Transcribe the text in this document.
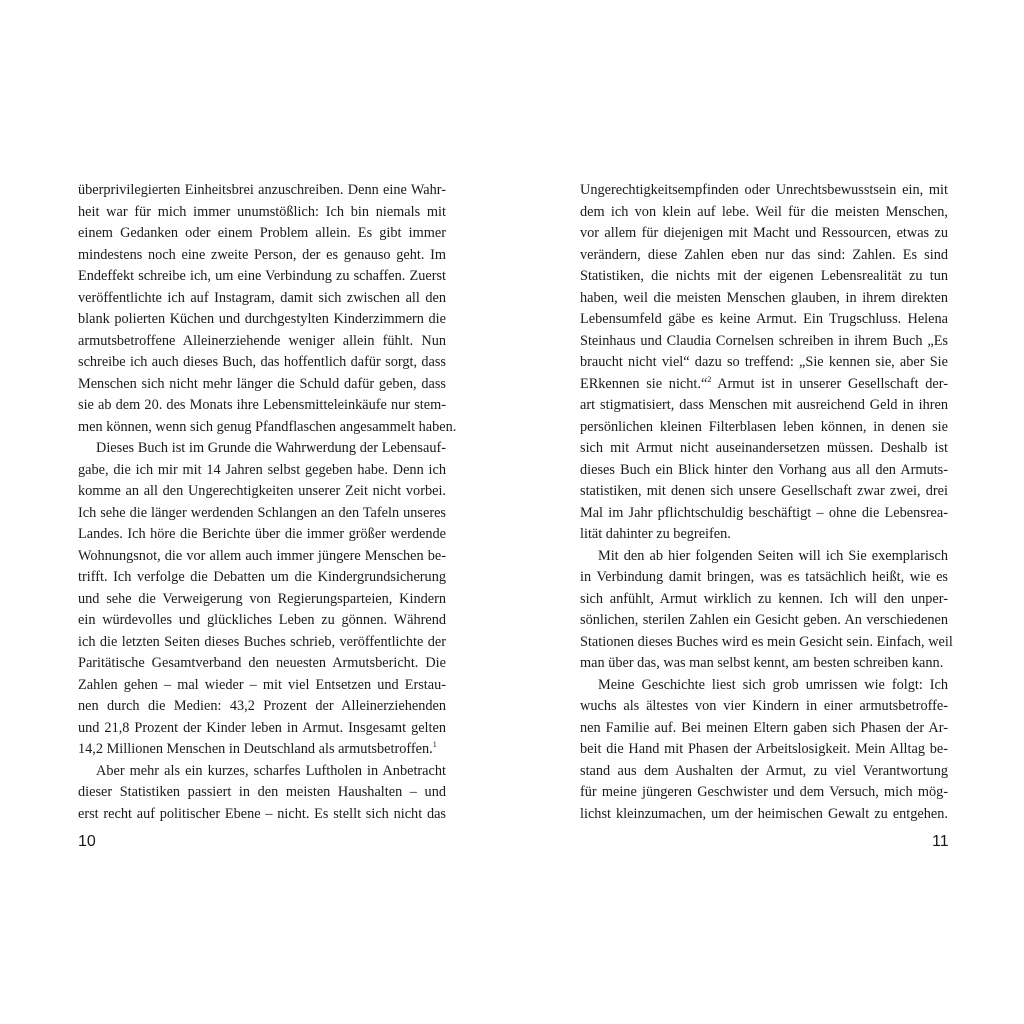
überprivilegierten Einheitsbrei anzuschreiben. Denn eine Wahr-
heit war für mich immer unumstößlich: Ich bin niemals mit
einem Gedanken oder einem Problem allein. Es gibt immer
mindestens noch eine zweite Person, der es genauso geht. Im
Endeffekt schreibe ich, um eine Verbindung zu schaffen. Zuerst
veröffentlichte ich auf Instagram, damit sich zwischen all den
blank polierten Küchen und durchgestylten Kinderzimmern die
armutsbetroffene Alleinerziehende weniger allein fühlt. Nun
schreibe ich auch dieses Buch, das hoffentlich dafür sorgt, dass
Menschen sich nicht mehr länger die Schuld dafür geben, dass
sie ab dem 20. des Monats ihre Lebensmitteleinkäufe nur stem-
men können, wenn sich genug Pfandflaschen angesammelt haben.
Dieses Buch ist im Grunde die Wahrwerdung der Lebensauf-
gabe, die ich mir mit 14 Jahren selbst gegeben habe. Denn ich
komme an all den Ungerechtigkeiten unserer Zeit nicht vorbei.
Ich sehe die länger werdenden Schlangen an den Tafeln unseres
Landes. Ich höre die Berichte über die immer größer werdende
Wohnungsnot, die vor allem auch immer jüngere Menschen be-
trifft. Ich verfolge die Debatten um die Kindergrundsicherung
und sehe die Verweigerung von Regierungsparteien, Kindern
ein würdevolles und glückliches Leben zu gönnen. Während
ich die letzten Seiten dieses Buches schrieb, veröffentlichte der
Paritätische Gesamtverband den neuesten Armutsbericht. Die
Zahlen gehen – mal wieder – mit viel Entsetzen und Erstau-
nen durch die Medien: 43,2 Prozent der Alleinerziehenden
und 21,8 Prozent der Kinder leben in Armut. Insgesamt gelten
14,2 Millionen Menschen in Deutschland als armutsbetroffen.$^1$
Aber mehr als ein kurzes, scharfes Luftholen in Anbetracht
dieser Statistiken passiert in den meisten Haushalten – und
erst recht auf politischer Ebene – nicht. Es stellt sich nicht das
10
Ungerechtigkeitsempfinden oder Unrechtsbewusstsein ein, mit
dem ich von klein auf lebe. Weil für die meisten Menschen,
vor allem für diejenigen mit Macht und Ressourcen, etwas zu
verändern, diese Zahlen eben nur das sind: Zahlen. Es sind
Statistiken, die nichts mit der eigenen Lebensrealität zu tun
haben, weil die meisten Menschen glauben, in ihrem direkten
Lebensumfeld gäbe es keine Armut. Ein Trugschluss. Helena
Steinhaus und Claudia Cornelsen schreiben in ihrem Buch „Es
braucht nicht viel“ dazu so treffend: „Sie kennen sie, aber Sie
ERkennen sie nicht.“$^2$ Armut ist in unserer Gesellschaft der-
art stigmatisiert, dass Menschen mit ausreichend Geld in ihren
persönlichen kleinen Filterblasen leben können, in denen sie
sich mit Armut nicht auseinandersetzen müssen. Deshalb ist
dieses Buch ein Blick hinter den Vorhang aus all den Armuts-
statistiken, mit denen sich unsere Gesellschaft zwar zwei, drei
Mal im Jahr pflichtschuldig beschäftigt – ohne die Lebensrea-
lität dahinter zu begreifen.
Mit den ab hier folgenden Seiten will ich Sie exemplarisch
in Verbindung damit bringen, was es tatsächlich heißt, wie es
sich anfühlt, Armut wirklich zu kennen. Ich will den unper-
sönlichen, sterilen Zahlen ein Gesicht geben. An verschiedenen
Stationen dieses Buches wird es mein Gesicht sein. Einfach, weil
man über das, was man selbst kennt, am besten schreiben kann.
Meine Geschichte liest sich grob umrissen wie folgt: Ich
wuchs als ältestes von vier Kindern in einer armutsbetroffe-
nen Familie auf. Bei meinen Eltern gaben sich Phasen der Ar-
beit die Hand mit Phasen der Arbeitslosigkeit. Mein Alltag be-
stand aus dem Aushalten der Armut, zu viel Verantwortung
für meine jüngeren Geschwister und dem Versuch, mich mög-
lichst kleinzumachen, um der heimischen Gewalt zu entgehen.
11
